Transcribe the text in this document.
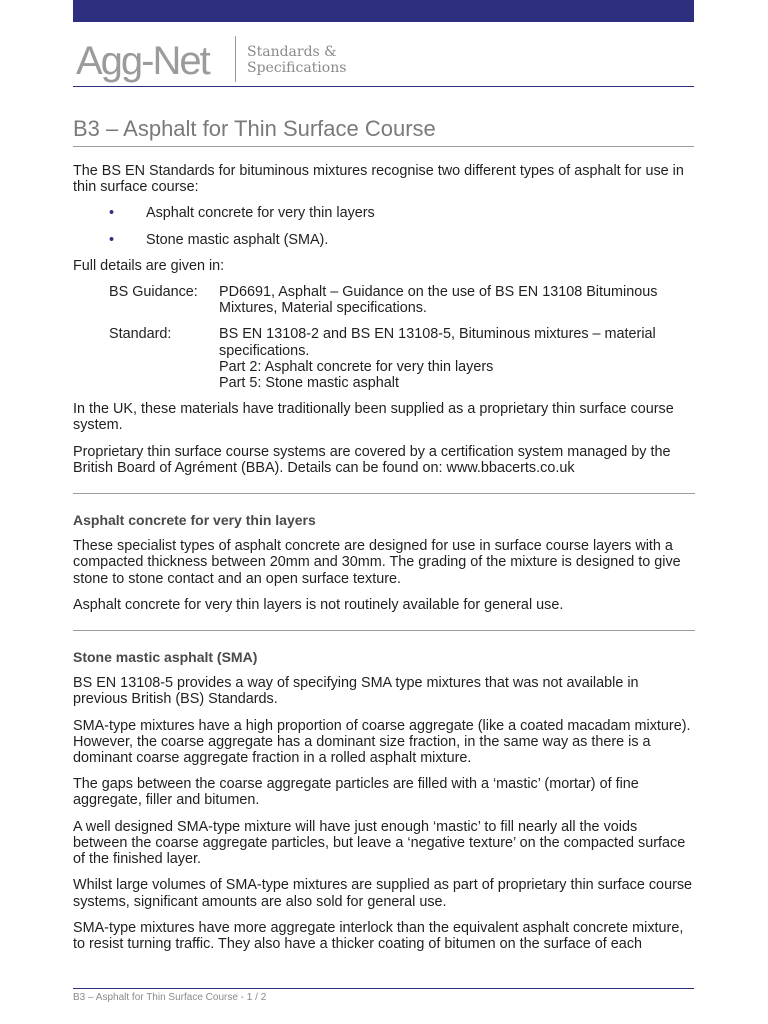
Agg-Net	Standards &
Specifications
B3 – Asphalt for Thin Surface Course

The BS EN Standards for bituminous mixtures recognise two different types of asphalt for use in thin surface course:

• Asphalt concrete for very thin layers
• Stone mastic asphalt (SMA).

Full details are given in:

BS Guidance:	PD6691, Asphalt – Guidance on the use of BS EN 13108 Bituminous Mixtures, Material specifications.
Standard:	BS EN 13108-2 and BS EN 13108-5, Bituminous mixtures – material specifications.
Part 2: Asphalt concrete for very thin layers
Part 5: Stone mastic asphalt

In the UK, these materials have traditionally been supplied as a proprietary thin surface course system.

Proprietary thin surface course systems are covered by a certification system managed by the British Board of Agrément (BBA). Details can be found on: www.bbacerts.co.uk

Asphalt concrete for very thin layers

These specialist types of asphalt concrete are designed for use in surface course layers with a compacted thickness between 20mm and 30mm. The grading of the mixture is designed to give stone to stone contact and an open surface texture.

Asphalt concrete for very thin layers is not routinely available for general use.

Stone mastic asphalt (SMA)

BS EN 13108-5 provides a way of specifying SMA type mixtures that was not available in previous British (BS) Standards.

SMA-type mixtures have a high proportion of coarse aggregate (like a coated macadam mixture). However, the coarse aggregate has a dominant size fraction, in the same way as there is a dominant coarse aggregate fraction in a rolled asphalt mixture.

The gaps between the coarse aggregate particles are filled with a ‘mastic’ (mortar) of fine aggregate, filler and bitumen.

A well designed SMA-type mixture will have just enough ‘mastic’ to fill nearly all the voids between the coarse aggregate particles, but leave a ‘negative texture’ on the compacted surface of the finished layer.

Whilst large volumes of SMA-type mixtures are supplied as part of proprietary thin surface course systems, significant amounts are also sold for general use.

SMA-type mixtures have more aggregate interlock than the equivalent asphalt concrete mixture, to resist turning traffic. They also have a thicker coating of bitumen on the surface of each

B3 – Asphalt for Thin Surface Course - 1 / 2
